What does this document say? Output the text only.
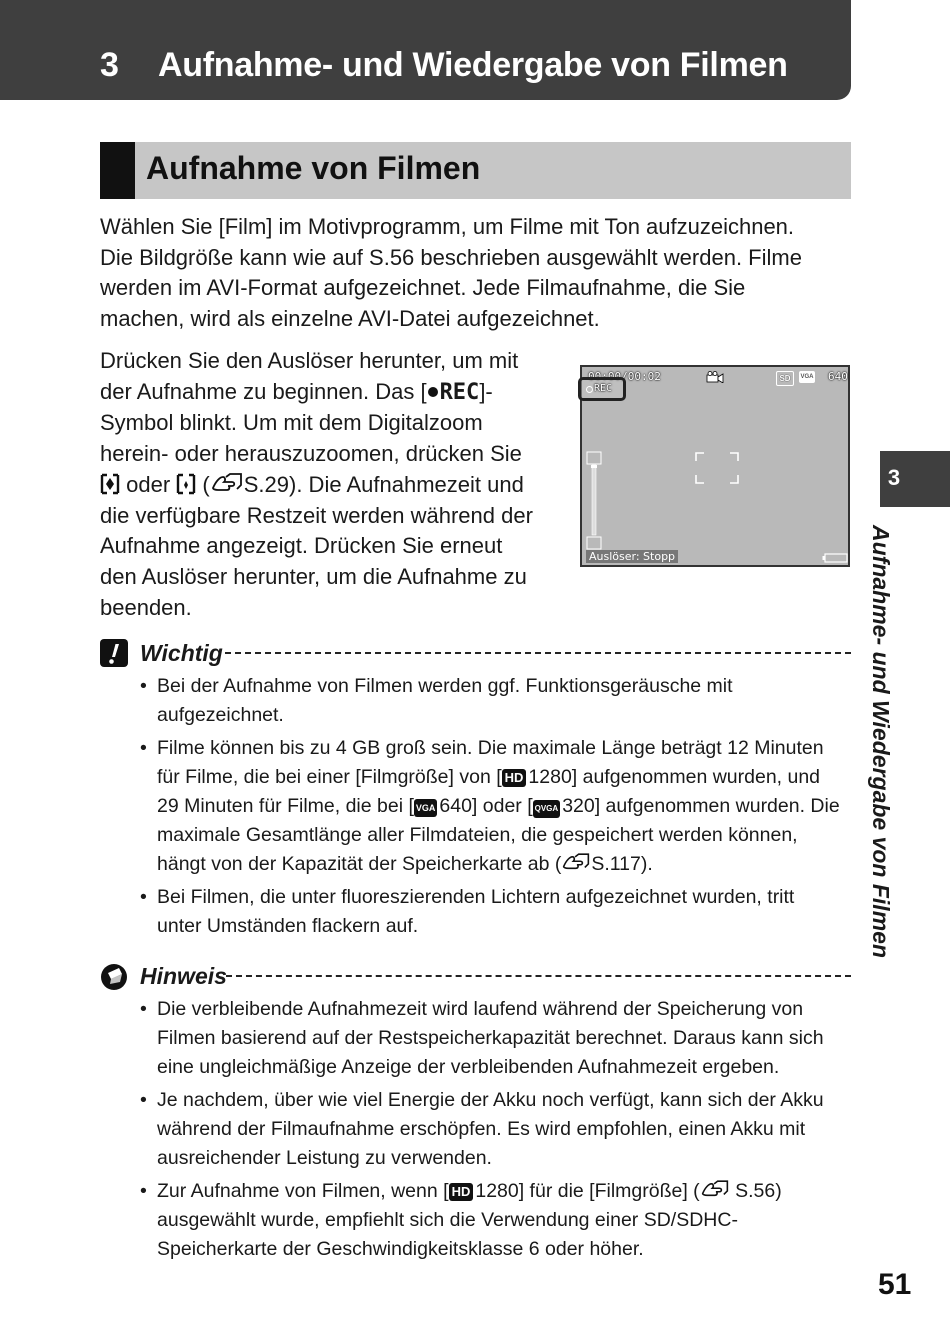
3 Aufnahme- und Wiedergabe von Filmen
Aufnahme von Filmen

Wählen Sie [Film] im Motivprogramm, um Filme mit Ton aufzuzeichnen.

Die Bildgröße kann wie auf S.56 beschrieben ausgewählt werden. Filme

werden im AVI-Format aufgezeichnet. Jede Filmaufnahme, die Sie

machen, wird als einzelne AVI-Datei aufgezeichnet.

Drücken Sie den Auslöser herunter, um mit

der Aufnahme zu beginnen. Das [ REC]-

Symbol blinkt. Um mit dem Digitalzoom

herein- oder herauszuzoomen, drücken Sie

oder ( S.29). Die Aufnahmezeit und

die verfügbare Restzeit werden während der

Aufnahme angezeigt. Drücken Sie erneut

den Auslöser herunter, um die Aufnahme zu

beenden.

00:00/00:02
REC
SD	VGA 640
Auslöser: Stopp
Wichtig
• Bei der Aufnahme von Filmen werden ggf. Funktionsgeräusche mit aufgezeichnet.
• Filme können bis zu 4 GB groß sein. Die maximale Länge beträgt 12 Minuten für Filme, die bei einer [Filmgröße] von [ HD 1280] aufgenommen wurden, und 29 Minuten für Filme, die bei [ VGA 640] oder [ QVGA 320] aufgenommen wurden. Die maximale Gesamtlänge aller Filmdateien, die gespeichert werden können, hängt von der Kapazität der Speicherkarte ab ( S.117).
• Bei Filmen, die unter fluoreszierenden Lichtern aufgezeichnet wurden, tritt unter Umständen flackern auf.
Hinweis
• Die verbleibende Aufnahmezeit wird laufend während der Speicherung von Filmen basierend auf der Restspeicherkapazität berechnet. Daraus kann sich eine ungleichmäßige Anzeige der verbleibenden Aufnahmezeit ergeben.
• Je nachdem, über wie viel Energie der Akku noch verfügt, kann sich der Akku während der Filmaufnahme erschöpfen. Es wird empfohlen, einen Akku mit ausreichender Leistung zu verwenden.
• Zur Aufnahme von Filmen, wenn [ HD 1280] für die [Filmgröße] ( S.56) ausgewählt wurde, empfiehlt sich die Verwendung einer SD/SDHC-Speicherkarte der Geschwindigkeitsklasse 6 oder höher.
3
Aufnahme- und Wiedergabe von Filmen
51
